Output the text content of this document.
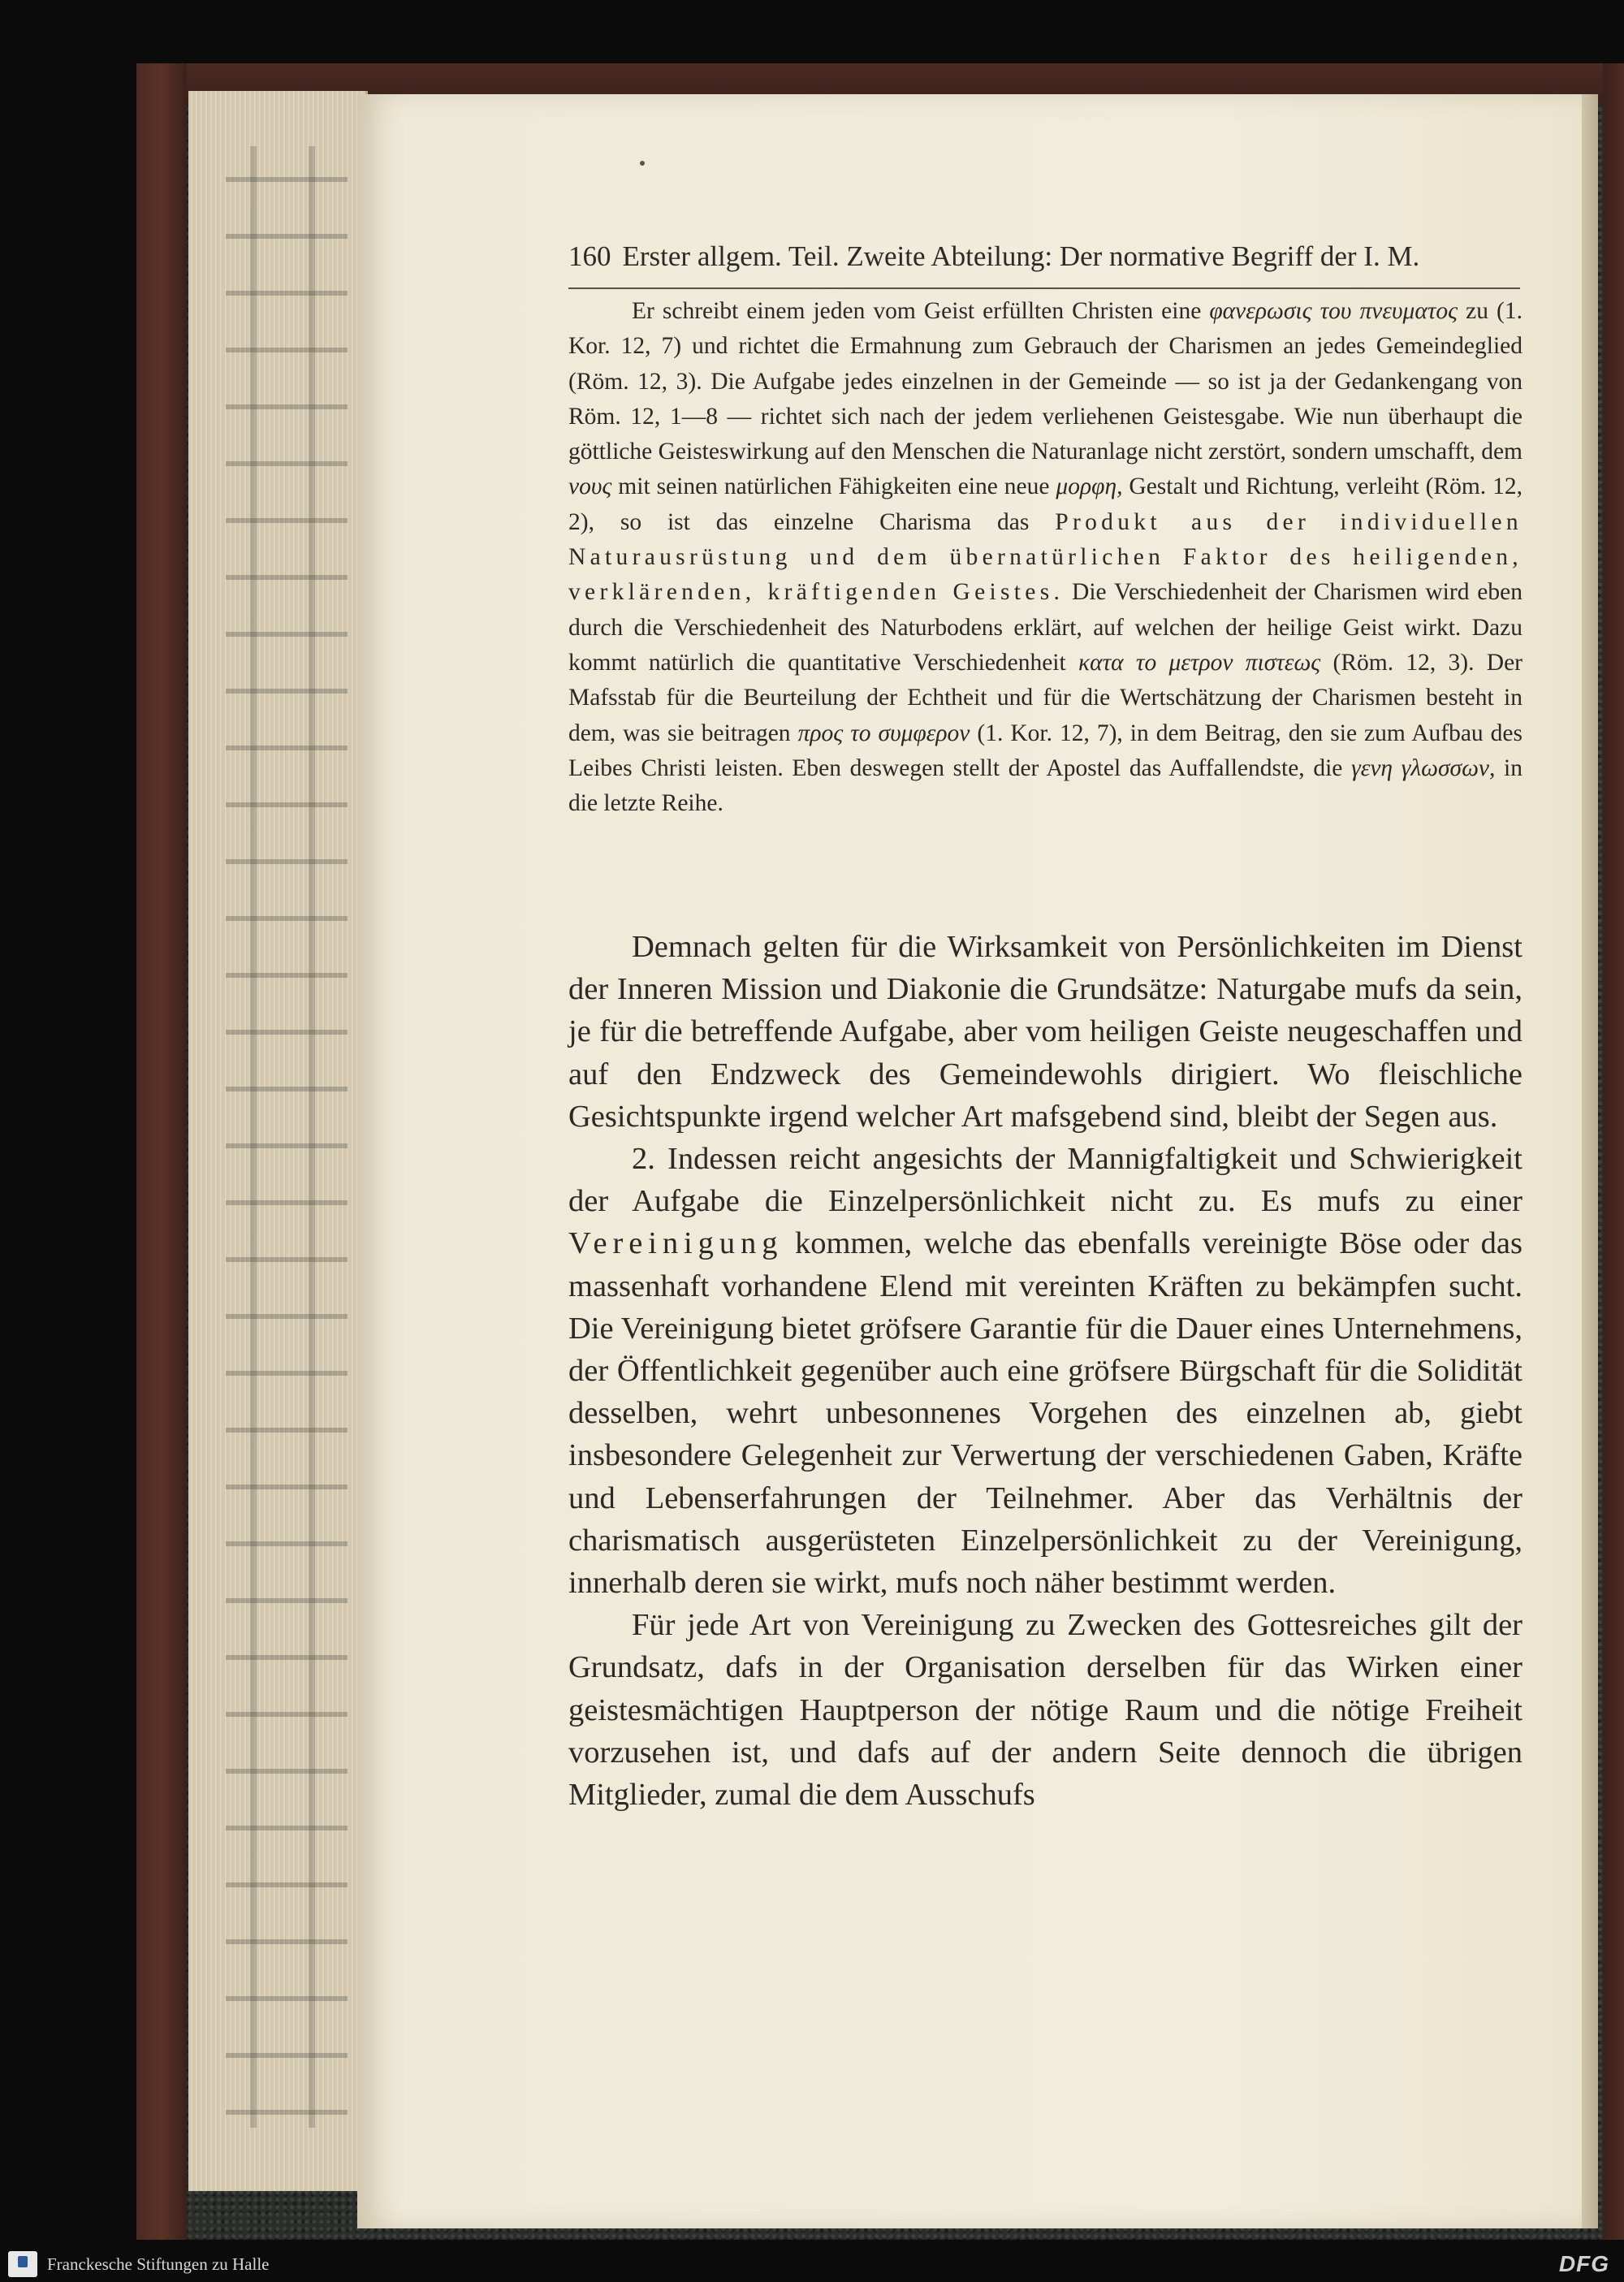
160 Erster allgem. Teil. Zweite Abteilung: Der normative Begriff der I. M.

Er schreibt einem jeden vom Geist erfüllten Christen eine φανερωσις του πνευματος zu (1. Kor. 12, 7) und richtet die Ermahnung zum Gebrauch der Charismen an jedes Gemeindeglied (Röm. 12, 3). Die Aufgabe jedes einzelnen in der Gemeinde — so ist ja der Gedankengang von Röm. 12, 1—8 — richtet sich nach der jedem verliehenen Geistesgabe. Wie nun überhaupt die göttliche Geisteswirkung auf den Menschen die Naturanlage nicht zerstört, sondern umschafft, dem νους mit seinen natürlichen Fähigkeiten eine neue μορφη, Gestalt und Richtung, verleiht (Röm. 12, 2), so ist das einzelne Charisma das Produkt aus der individuellen Naturausrüstung und dem übernatürlichen Faktor des heiligenden, verklärenden, kräftigenden Geistes. Die Verschiedenheit der Charismen wird eben durch die Verschiedenheit des Naturbodens erklärt, auf welchen der heilige Geist wirkt. Dazu kommt natürlich die quantitative Verschiedenheit κατα το μετρον πιστεως (Röm. 12, 3). Der Mafsstab für die Beurteilung der Echtheit und für die Wertschätzung der Charismen besteht in dem, was sie beitragen προς το συμφερον (1. Kor. 12, 7), in dem Beitrag, den sie zum Aufbau des Leibes Christi leisten. Eben deswegen stellt der Apostel das Auffallendste, die γενη γλωσσων, in die letzte Reihe.

Demnach gelten für die Wirksamkeit von Persönlichkeiten im Dienst der Inneren Mission und Diakonie die Grundsätze: Naturgabe mufs da sein, je für die betreffende Aufgabe, aber vom heiligen Geiste neugeschaffen und auf den Endzweck des Gemeindewohls dirigiert. Wo fleischliche Gesichtspunkte irgend welcher Art mafsgebend sind, bleibt der Segen aus.

2. Indessen reicht angesichts der Mannigfaltigkeit und Schwierigkeit der Aufgabe die Einzelpersönlichkeit nicht zu. Es mufs zu einer Vereinigung kommen, welche das ebenfalls vereinigte Böse oder das massenhaft vorhandene Elend mit vereinten Kräften zu bekämpfen sucht. Die Vereinigung bietet gröfsere Garantie für die Dauer eines Unternehmens, der Öffentlichkeit gegenüber auch eine gröfsere Bürgschaft für die Solidität desselben, wehrt unbesonnenes Vorgehen des einzelnen ab, giebt insbesondere Gelegenheit zur Verwertung der verschiedenen Gaben, Kräfte und Lebenserfahrungen der Teilnehmer. Aber das Verhältnis der charismatisch ausgerüsteten Einzelpersönlichkeit zu der Vereinigung, innerhalb deren sie wirkt, mufs noch näher bestimmt werden.

Für jede Art von Vereinigung zu Zwecken des Gottesreiches gilt der Grundsatz, dafs in der Organisation derselben für das Wirken einer geistesmächtigen Hauptperson der nötige Raum und die nötige Freiheit vorzusehen ist, und dafs auf der andern Seite dennoch die übrigen Mitglieder, zumal die dem Ausschufs

Franckesche Stiftungen zu Halle	DFG
